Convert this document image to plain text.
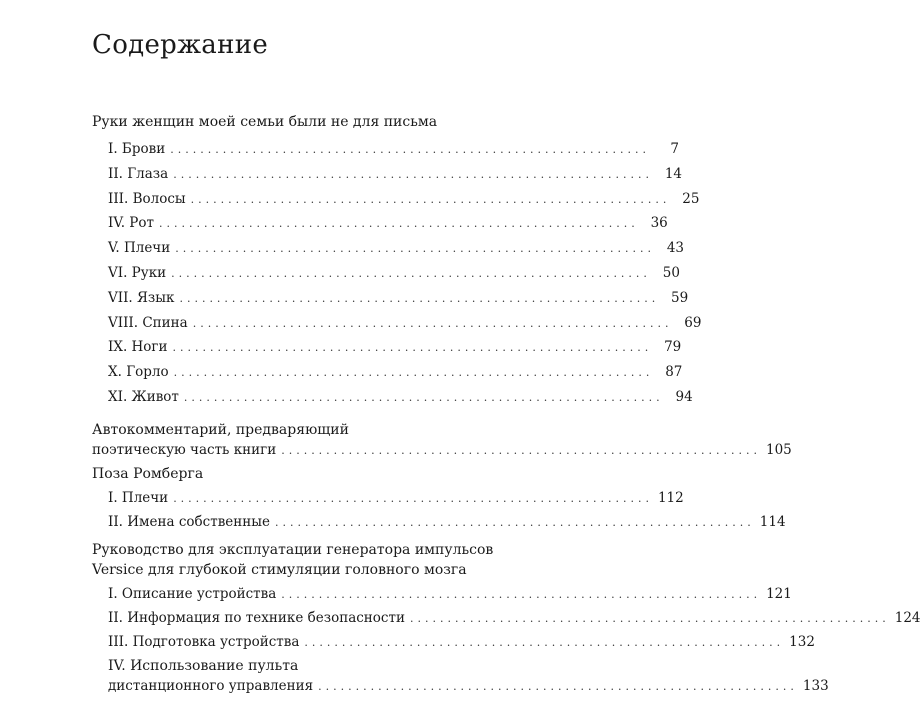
Содержание
Руки женщин моей семьи были не для письма
I. Брови ................................................................	7
II. Глаза ................................................................ 14
III. Волосы ................................................................ 25
IV. Рот ................................................................ 36
V. Плечи ................................................................ 43
VI. Руки ................................................................ 50
VII. Язык ................................................................ 59
VIII. Спина ................................................................ 69
IX. Ноги ................................................................ 79
X. Горло ................................................................ 87
XI. Живот ................................................................ 94
Автокомментарий, предваряющий
поэтическую часть книги ................................................................ 105
Поза Ромберга
I. Плечи ................................................................ 112
II. Имена собственные ................................................................ 114
Руководство для эксплуатации генератора импульсов
Versice для глубокой стимуляции головного мозга
I. Описание устройства ................................................................ 121
II. Информация по технике безопасности ................................................................ 124
III. Подготовка устройства ................................................................ 132
IV. Использование пульта
дистанционного управления ................................................................ 133
